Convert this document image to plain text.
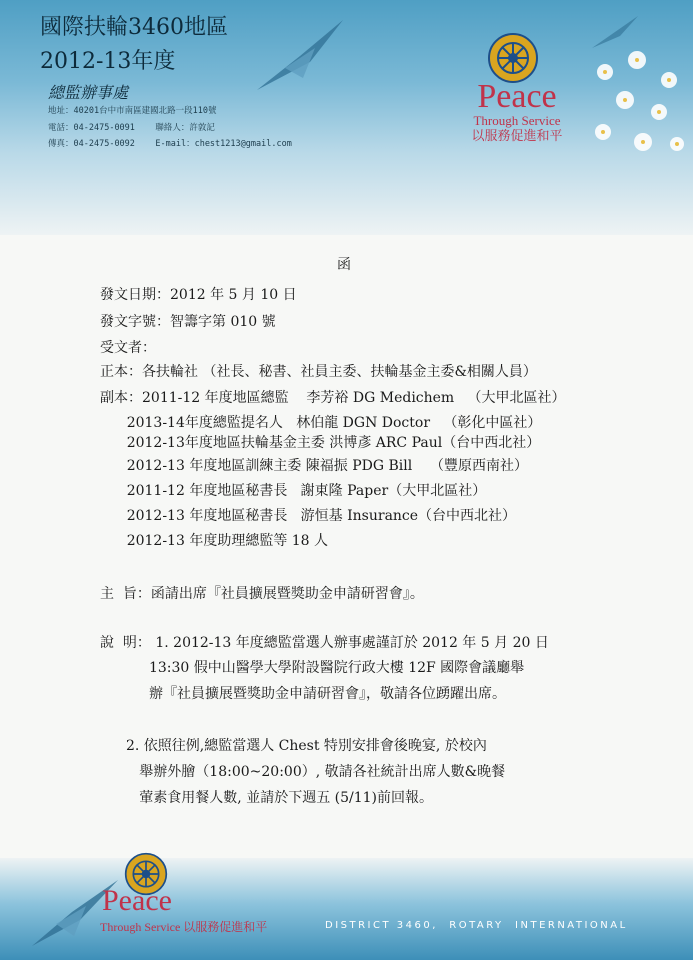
國際扶輪3460地區
2012-13年度
總監辦事處
地址：40201台中市南區建國北路一段110號
電話：04-2475-0091    聯絡人：許敦記
傳真：04-2475-0092    E-mail：chest1213@gmail.com
Peace
Through Service
以服務促進和平
函
發文日期：2012 年 5 月 10 日
發文字號：智籌字第 010 號
受文者：
正本：各扶輪社 （社長、秘書、社員主委、扶輪基金主委&相關人員）
副本：2011-12 年度地區總監    李芳裕 DG Medichem   （大甲北區社）
2013-14年度總監提名人   林伯龍 DGN Doctor   （彰化中區社）
2012-13年度地區扶輪基金主委 洪博彥 ARC Paul（台中西北社）
2012-13 年度地區訓練主委 陳福振 PDG Bill    （豐原西南社）
2011-12 年度地區秘書長   謝東隆 Paper（大甲北區社）
2012-13 年度地區秘書長   游恒基 Insurance（台中西北社）
2012-13 年度助理總監等 18 人
主  旨：函請出席『社員擴展暨獎助金申請研習會』。
說  明： 1. 2012-13 年度總監當選人辦事處謹訂於 2012 年 5 月 20 日
13:30 假中山醫學大學附設醫院行政大樓 12F 國際會議廳舉
辦『社員擴展暨獎助金申請研習會』，敬請各位踴躍出席。
2. 依照往例,總監當選人 Chest 特別安排會後晚宴, 於校內
舉辦外膾（18:00~20:00）, 敬請各社統計出席人數&晚餐
葷素食用餐人數, 並請於下週五 (5/11)前回報。
Peace
Through Service 以服務促進和平	DISTRICT 3460,  ROTARY  INTERNATIONAL
